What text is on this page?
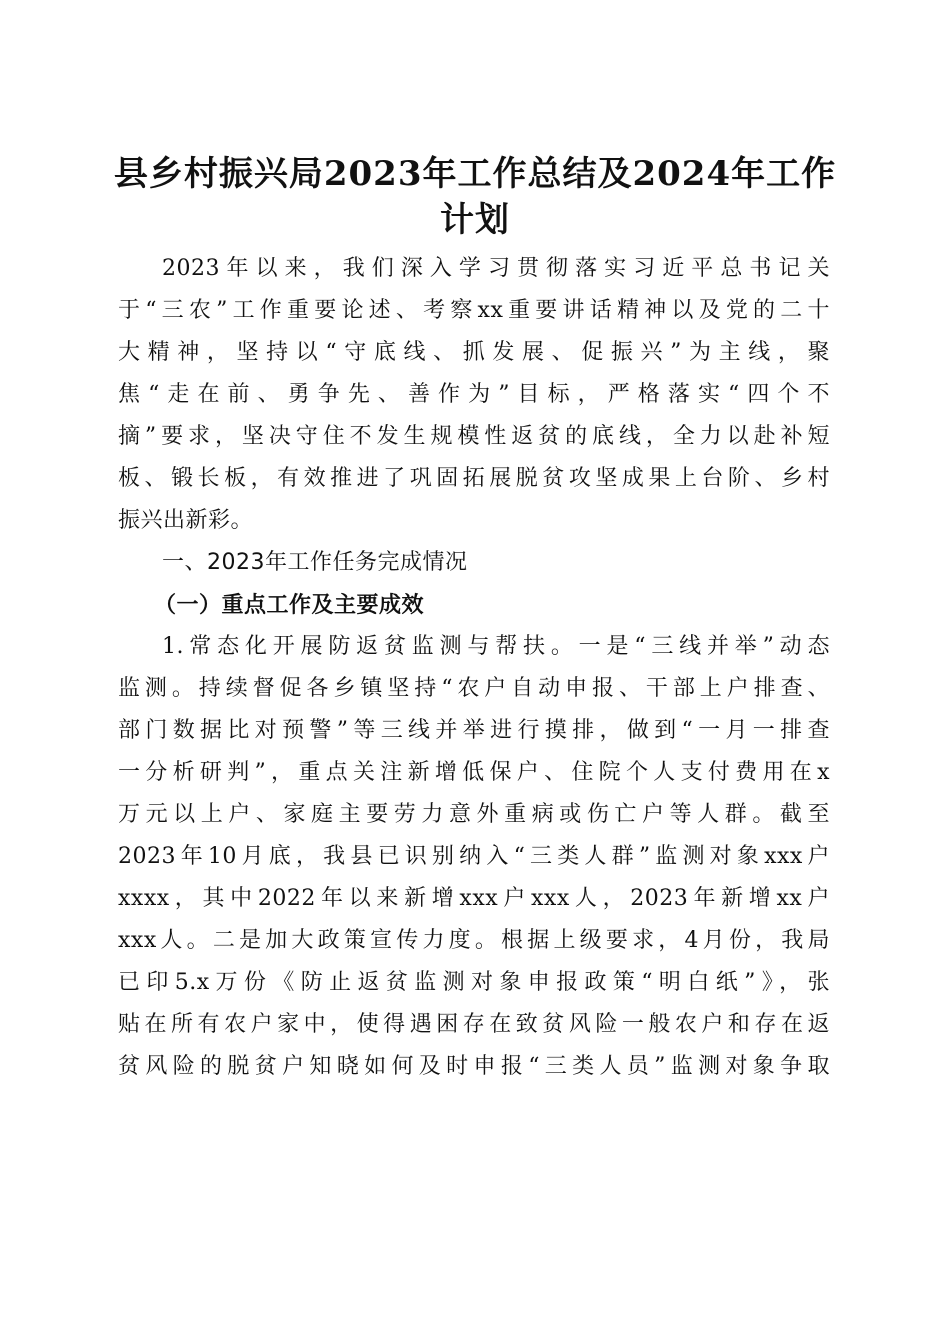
县乡村振兴局2023年工作总结及2024年工作
计划

2023年以来，我们深入学习贯彻落实习近平总书记关
于“三农”工作重要论述、考察xx重要讲话精神以及党的二十
大精神，坚持以“守底线、抓发展、促振兴”为主线，聚
焦“走在前、勇争先、善作为”目标，严格落实“四个不
摘”要求，坚决守住不发生规模性返贫的底线，全力以赴补短
板、锻长板，有效推进了巩固拓展脱贫攻坚成果上台阶、乡村
振兴出新彩。

一、2023年工作任务完成情况
（一）重点工作及主要成效

1.常态化开展防返贫监测与帮扶。一是“三线并举”动态
监测。持续督促各乡镇坚持“农户自动申报、干部上户排查、
部门数据比对预警”等三线并举进行摸排，做到“一月一排查
一分析研判”，重点关注新增低保户、住院个人支付费用在x
万元以上户、家庭主要劳力意外重病或伤亡户等人群。截至
2023年10月底，我县已识别纳入“三类人群”监测对象xxx户
xxxx，其中2022年以来新增xxx户xxx人，2023年新增xx户
xxx人。二是加大政策宣传力度。根据上级要求，4月份，我局
已印5.x万份《防止返贫监测对象申报政策“明白纸”》，张
贴在所有农户家中，使得遇困存在致贫风险一般农户和存在返
贫风险的脱贫户知晓如何及时申报“三类人员”监测对象争取
